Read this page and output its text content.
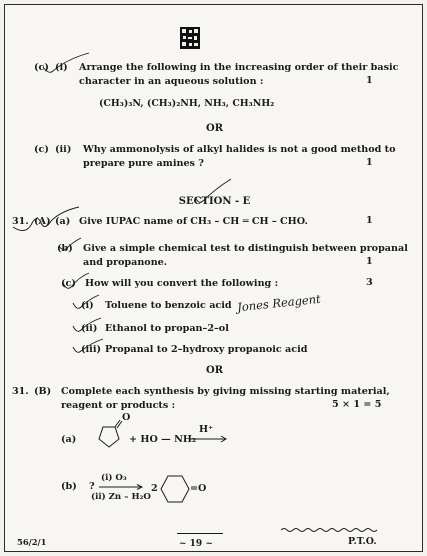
(c) (i) Arrange the following in the increasing order of their basic
character in an aqueous solution :	1
(CH₃)₃N, (CH₃)₂NH, NH₃, CH₃NH₂
OR
(c) (ii) Why ammonolysis of alkyl halides is not a good method to
prepare pure amines ?	1
SECTION - E
31. (A) (a) Give IUPAC name of CH₃ – CH ═ CH – CHO.	1
(b) Give a simple chemical test to distinguish between propanal
and propanone.	1
(c) How will you convert the following :	3
(i) Toluene to benzoic acid Jones Reagent
(ii) Ethanol to propan–2–ol
(iii) Propanal to 2–hydroxy propanoic acid
OR
31. (B) Complete each synthesis by giving missing starting material,
reagent or products :	5 × 1 = 5
(a)
O
+ HO — NH₂
H⁺
(b) ?
(i) O₃
(ii) Zn – H₂O
2	=O
56/2/1	~ 19 ~	P.T.O.
